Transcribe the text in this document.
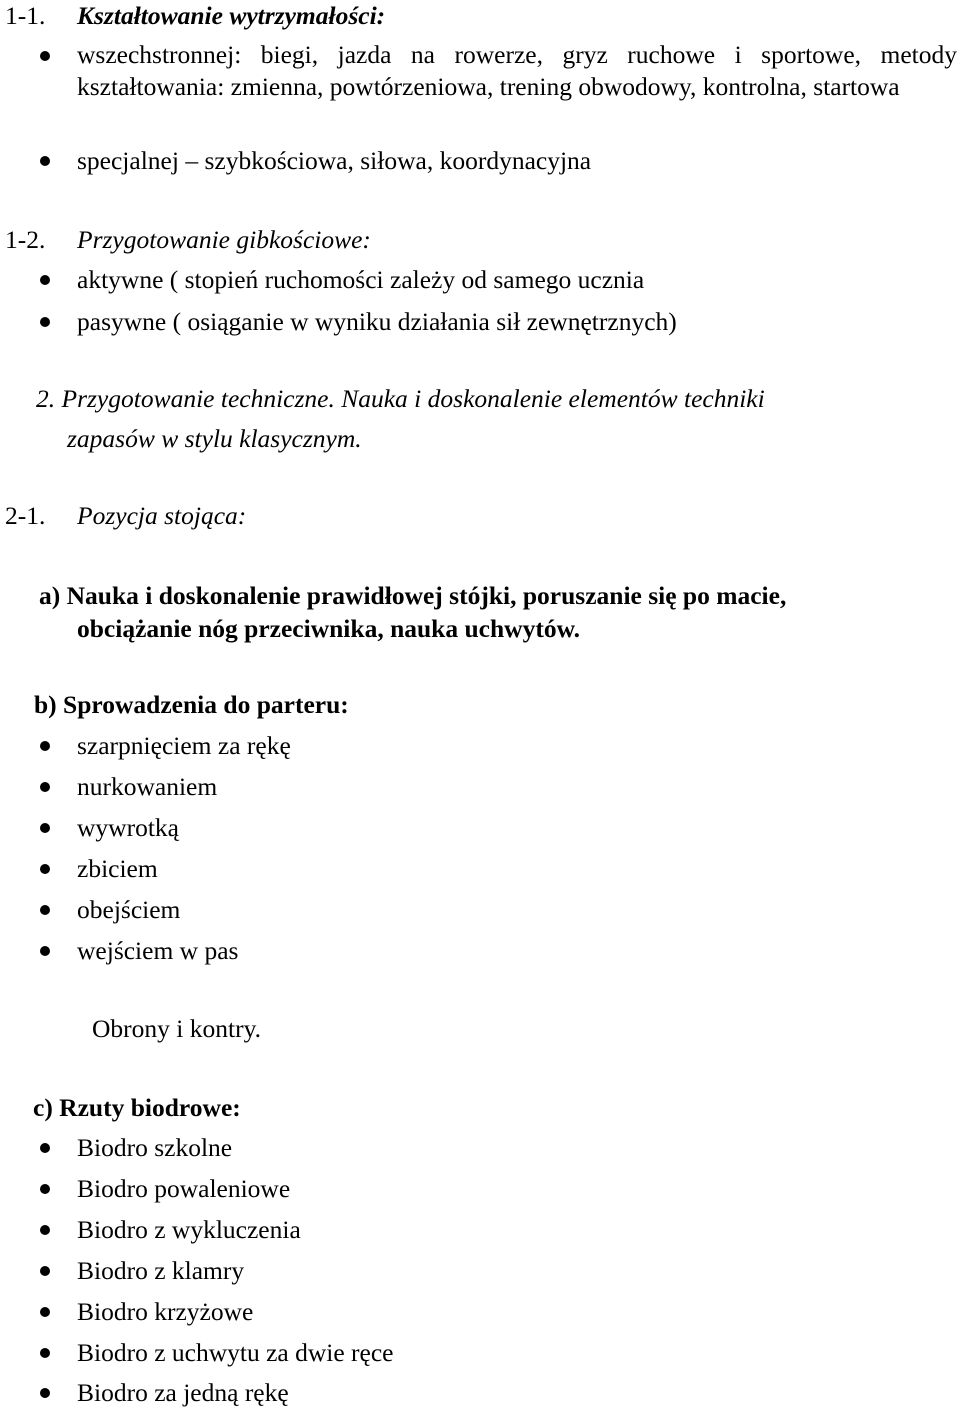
1-1. Kształtowanie wytrzymałości:
wszechstronnej: biegi, jazda na rowerze, gryz ruchowe i sportowe, metody kształtowania: zmienna, powtórzeniowa, trening obwodowy, kontrolna, startowa
specjalnej – szybkościowa, siłowa, koordynacyjna
1-2. Przygotowanie gibkościowe:
aktywne ( stopień ruchomości zależy od samego ucznia
pasywne ( osiąganie w wyniku działania sił zewnętrznych)
2. Przygotowanie techniczne. Nauka i doskonalenie elementów techniki
zapasów w stylu klasycznym.
2-1. Pozycja stojąca:
a) Nauka i doskonalenie prawidłowej stójki, poruszanie się po macie,
obciążanie nóg przeciwnika, nauka uchwytów.
b) Sprowadzenia do parteru:
szarpnięciem za rękę
nurkowaniem
wywrotką
zbiciem
obejściem
wejściem w pas
Obrony i kontry.
c) Rzuty biodrowe:
Biodro szkolne
Biodro powaleniowe
Biodro z wykluczenia
Biodro z klamry
Biodro krzyżowe
Biodro z uchwytu za dwie ręce
Biodro za jedną rękę
